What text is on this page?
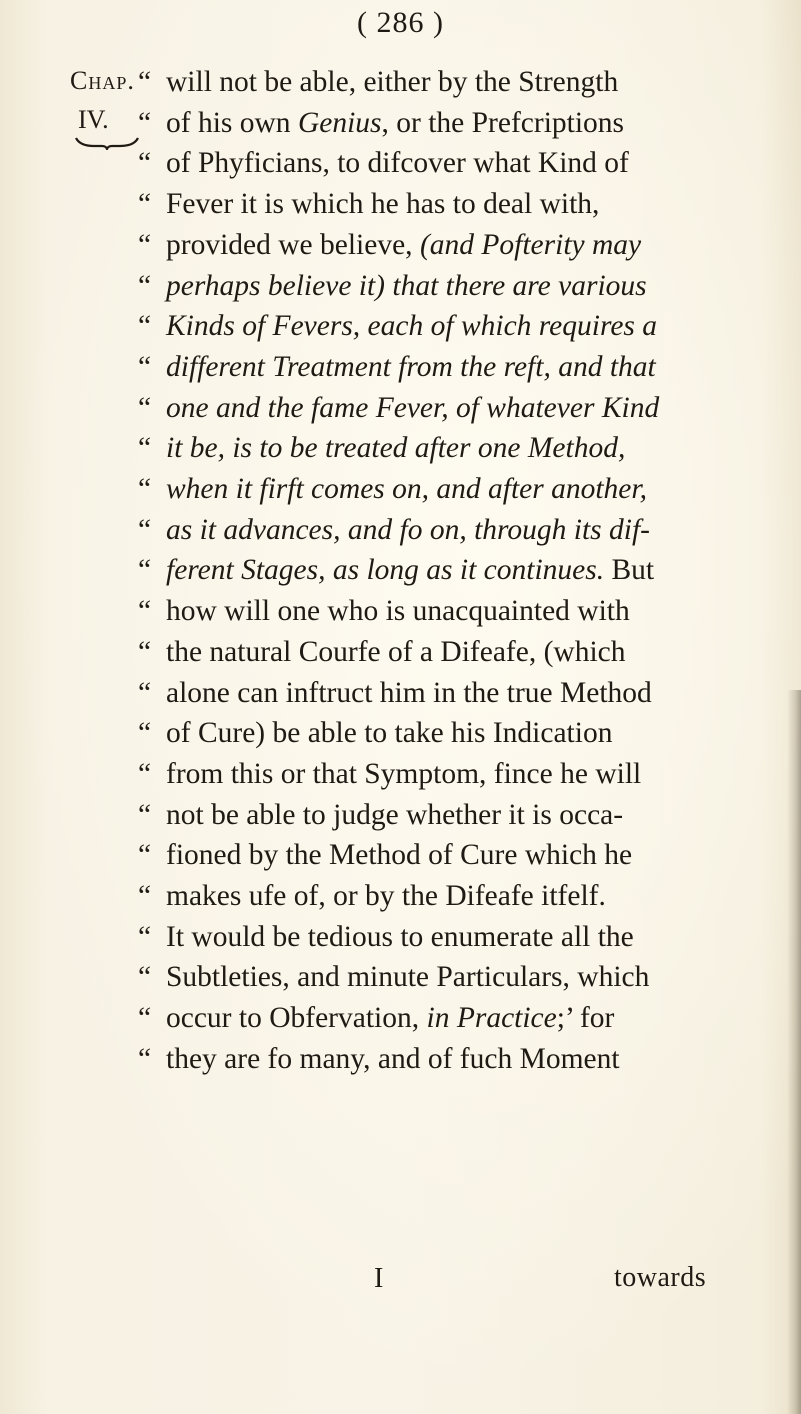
( 286 )
Chap.
IV.
“ will not be able, either by the Strength
“ of his own Genius, or the Prefcriptions
“ of Phyficians, to difcover what Kind of
“ Fever it is which he has to deal with,
“ provided we believe, (and Pofterity may
“ perhaps believe it) that there are various
“ Kinds of Fevers, each of which requires a
“ different Treatment from the reft, and that
“ one and the fame Fever, of whatever Kind
“ it be, is to be treated after one Method,
“ when it firft comes on, and after another,
“ as it advances, and fo on, through its dif-
“ ferent Stages, as long as it continues. But
“ how will one who is unacquainted with
“ the natural Courfe of a Difeafe, (which
“ alone can inftruct him in the true Method
“ of Cure) be able to take his Indication
“ from this or that Symptom, fince he will
“ not be able to judge whether it is occa-
“ fioned by the Method of Cure which he
“ makes ufe of, or by the Difeafe itfelf.
“ It would be tedious to enumerate all the
“ Subtleties, and minute Particulars, which
“ occur to Obfervation, in Practice;’ for
“ they are fo many, and of fuch Moment
I	towards
